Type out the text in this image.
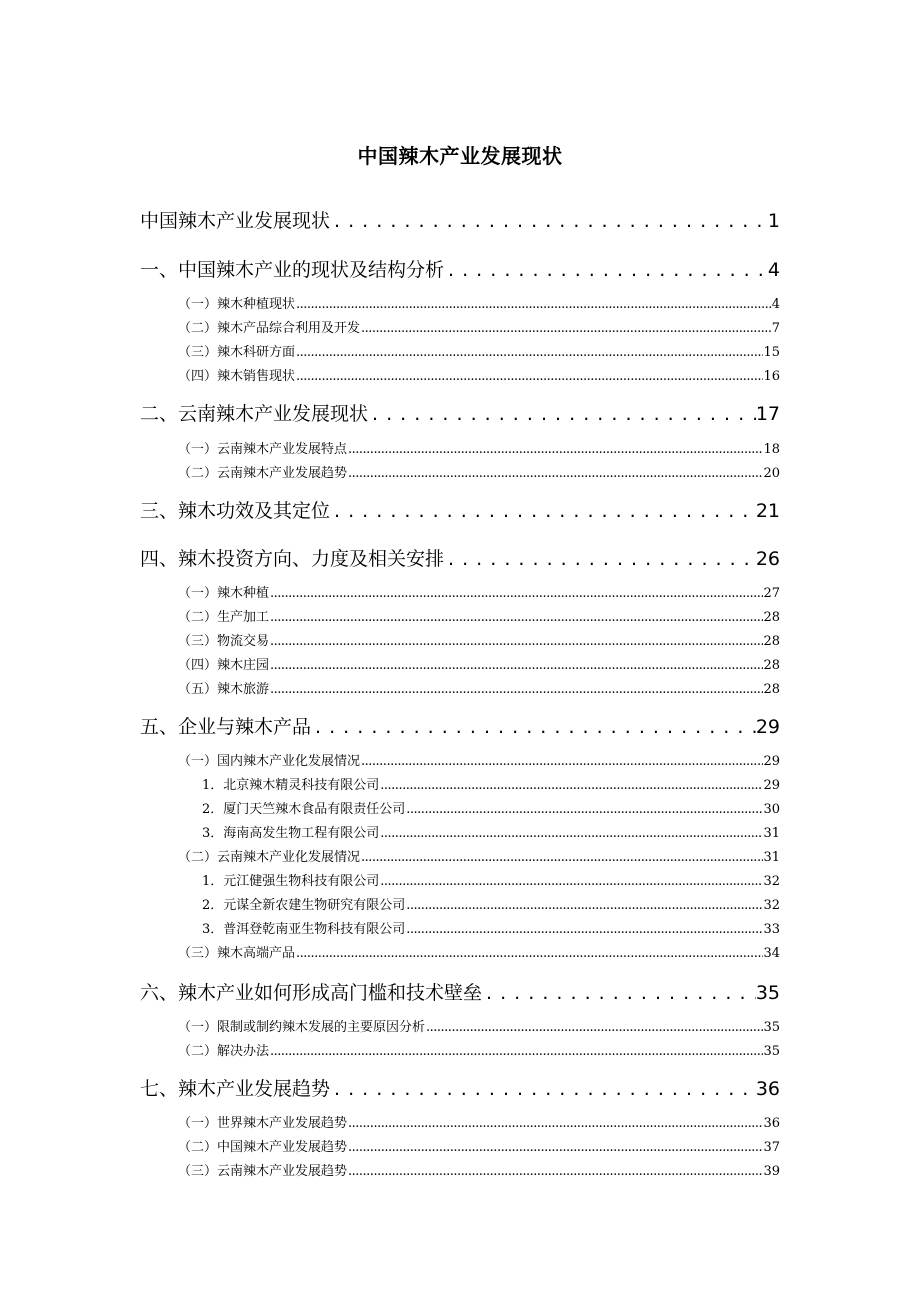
中国辣木产业发展现状
中国辣木产业发展现状 . . .	1
一、中国辣木产业的现状及结构分析 . . .	4
（一）辣木种植现状 .....	4
（二）辣木产品综合利用及开发 .....	7
（三）辣木科研方面 .....	15
（四）辣木销售现状 .....	16
二、云南辣木产业发展现状 . . .	17
（一）云南辣木产业发展特点 .....	18
（二）云南辣木产业发展趋势 .....	20
三、辣木功效及其定位 . . .	21
四、辣木投资方向、力度及相关安排 . . .	26
（一）辣木种植 .....	27
（二）生产加工 .....	28
（三）物流交易 .....	28
（四）辣木庄园 .....	28
（五）辣木旅游 .....	28
五、企业与辣木产品 . . .	29
（一）国内辣木产业化发展情况 .....	29
1．北京辣木精灵科技有限公司 .....	29
2．厦门天竺辣木食品有限责任公司 .....	30
3．海南高发生物工程有限公司 .....	31
（二）云南辣木产业化发展情况 .....	31
1．元江健强生物科技有限公司 .....	32
2．元谋全新农建生物研究有限公司 .....	32
3．普洱登乾南亚生物科技有限公司 .....	33
（三）辣木高端产品 .....	34
六、辣木产业如何形成高门槛和技术壁垒 . . .	35
（一）限制或制约辣木发展的主要原因分析 .....	35
（二）解决办法 .....	35
七、辣木产业发展趋势 . . .	36
（一）世界辣木产业发展趋势 .....	36
（二）中国辣木产业发展趋势 .....	37
（三）云南辣木产业发展趋势 .....	39
